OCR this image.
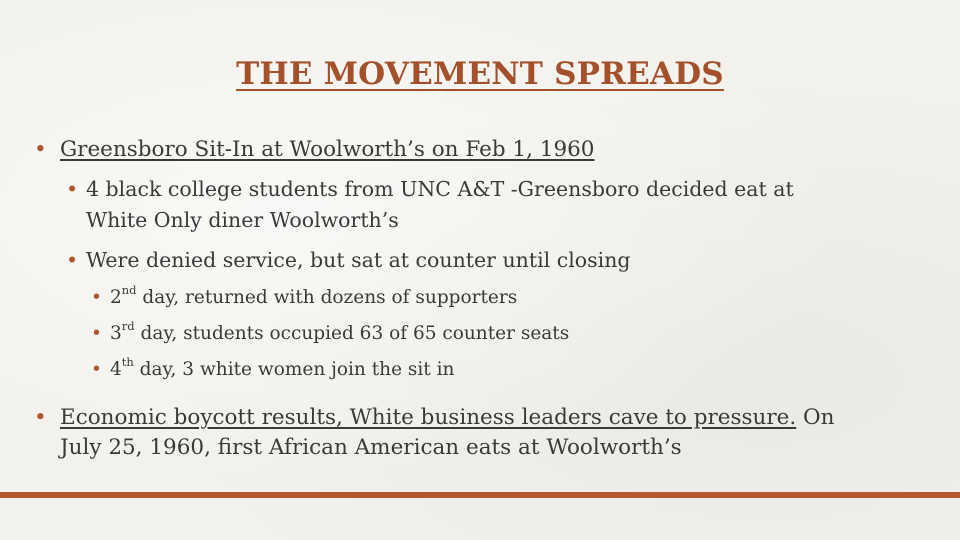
THE MOVEMENT SPREADS
• Greensboro Sit-In at Woolworth’s on Feb 1, 1960
• 4 black college students from UNC A&T -Greensboro decided eat at
White Only diner Woolworth’s
• Were denied service, but sat at counter until closing
• 2nd day, returned with dozens of supporters
• 3rd day, students occupied 63 of 65 counter seats
• 4th day, 3 white women join the sit in
• Economic boycott results, White business leaders cave to pressure. On
July 25, 1960, first African American eats at Woolworth’s
